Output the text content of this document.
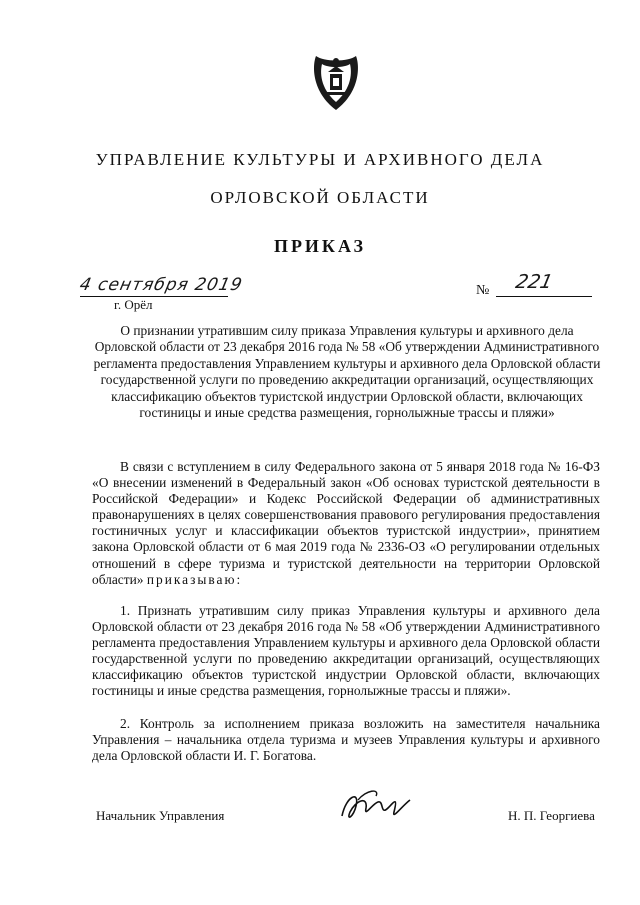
УПРАВЛЕНИЕ КУЛЬТУРЫ И АРХИВНОГО ДЕЛА
ОРЛОВСКОЙ ОБЛАСТИ
ПРИКАЗ
4 сентября 2019
г. Орёл
№ 221
О признании утратившим силу приказа Управления культуры и архивного дела Орловской области от 23 декабря 2016 года № 58 «Об утверждении Административного регламента предоставления Управлением культуры и архивного дела Орловской области государственной услуги по проведению аккредитации организаций, осуществляющих классификацию объектов туристской индустрии Орловской области, включающих гостиницы и иные средства размещения, горнолыжные трассы и пляжи»
В связи с вступлением в силу Федерального закона от 5 января 2018 года № 16-ФЗ «О внесении изменений в Федеральный закон «Об основах туристской деятельности в Российской Федерации» и Кодекс Российской Федерации об административных правонарушениях в целях совершенствования правового регулирования предоставления гостиничных услуг и классификации объектов туристской индустрии», принятием закона Орловской области от 6 мая 2019 года № 2336-ОЗ «О регулировании отдельных отношений в сфере туризма и туристской деятельности на территории Орловской области» приказываю:
1. Признать утратившим силу приказ Управления культуры и архивного дела Орловской области от 23 декабря 2016 года № 58 «Об утверждении Административного регламента предоставления Управлением культуры и архивного дела Орловской области государственной услуги по проведению аккредитации организаций, осуществляющих классификацию объектов туристской индустрии Орловской области, включающих гостиницы и иные средства размещения, горнолыжные трассы и пляжи».
2. Контроль за исполнением приказа возложить на заместителя начальника Управления – начальника отдела туризма и музеев Управления культуры и архивного дела Орловской области И. Г. Богатова.
Начальник Управления	Н. П. Георгиева
